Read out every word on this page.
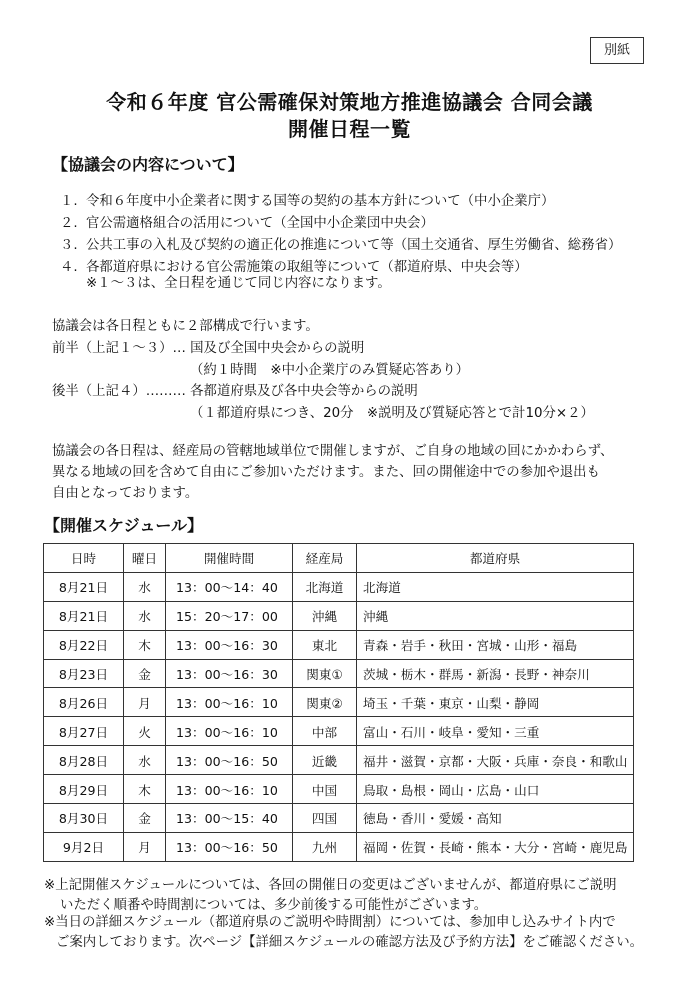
別紙
令和６年度 官公需確保対策地方推進協議会 合同会議
開催日程一覧
【協議会の内容について】
１. 令和６年度中小企業者に関する国等の契約の基本方針について（中小企業庁）
２. 官公需適格組合の活用について（全国中小企業団中央会）
３. 公共工事の入札及び契約の適正化の推進について等（国土交通省、厚生労働省、総務省）
４. 各都道府県における官公需施策の取組等について（都道府県、中央会等）
※１～３は、全日程を通じて同じ内容になります。
協議会は各日程ともに２部構成で行います。
前半（上記１～３）… 国及び全国中央会からの説明
（約１時間　※中小企業庁のみ質疑応答あり）
後半（上記４）……… 各都道府県及び各中央会等からの説明
（１都道府県につき、20分　※説明及び質疑応答とで計10分×２）
協議会の各日程は、経産局の管轄地域単位で開催しますが、ご自身の地域の回にかかわらず、
異なる地域の回を含めて自由にご参加いただけます。また、回の開催途中での参加や退出も
自由となっております。
【開催スケジュール】
日時	曜日	開催時間	経産局	都道府県
8月21日	水	13：00～14：40	北海道	北海道
8月21日	水	15：20～17：00	沖縄	沖縄
8月22日	木	13：00～16：30	東北	青森・岩手・秋田・宮城・山形・福島
8月23日	金	13：00～16：30	関東①	茨城・栃木・群馬・新潟・長野・神奈川
8月26日	月	13：00～16：10	関東②	埼玉・千葉・東京・山梨・静岡
8月27日	火	13：00～16：10	中部	富山・石川・岐阜・愛知・三重
8月28日	水	13：00～16：50	近畿	福井・滋賀・京都・大阪・兵庫・奈良・和歌山
8月29日	木	13：00～16：10	中国	鳥取・島根・岡山・広島・山口
8月30日	金	13：00～15：40	四国	徳島・香川・愛媛・高知
9月2日	月	13：00～16：50	九州	福岡・佐賀・長崎・熊本・大分・宮崎・鹿児島
※上記開催スケジュールについては、各回の開催日の変更はございませんが、都道府県にご説明
いただく順番や時間割については、多少前後する可能性がございます。
※当日の詳細スケジュール（都道府県のご説明や時間割）については、参加申し込みサイト内で
ご案内しております。次ページ【詳細スケジュールの確認方法及び予約方法】をご確認ください。
